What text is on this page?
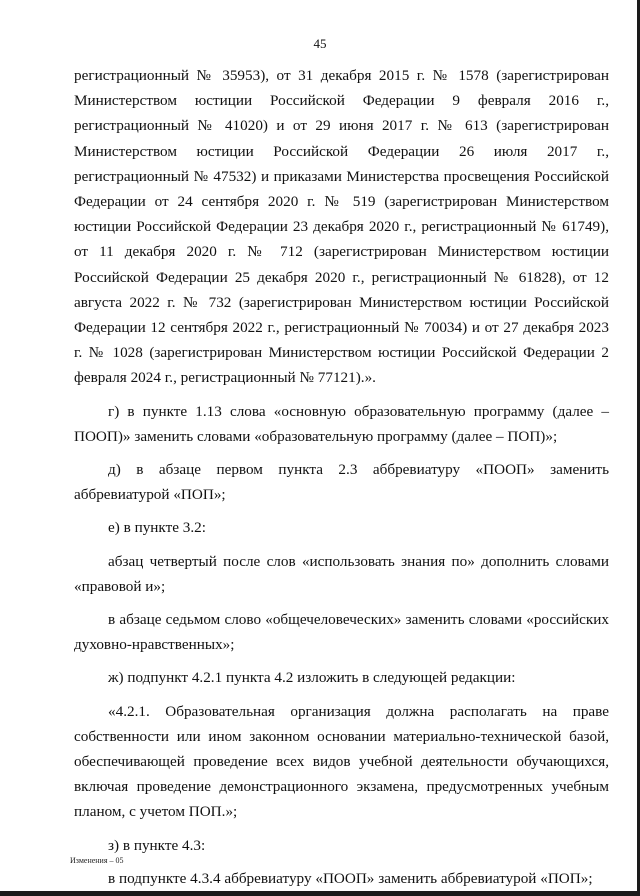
45

регистрационный № 35953), от 31 декабря 2015 г. № 1578 (зарегистрирован Министерством юстиции Российской Федерации 9 февраля 2016 г., регистрационный № 41020) и от 29 июня 2017 г. № 613 (зарегистрирован Министерством юстиции Российской Федерации 26 июля 2017 г., регистрационный № 47532) и приказами Министерства просвещения Российской Федерации от 24 сентября 2020 г. № 519 (зарегистрирован Министерством юстиции Российской Федерации 23 декабря 2020 г., регистрационный № 61749), от 11 декабря 2020 г. № 712 (зарегистрирован Министерством юстиции Российской Федерации 25 декабря 2020 г., регистрационный № 61828), от 12 августа 2022 г. № 732 (зарегистрирован Министерством юстиции Российской Федерации 12 сентября 2022 г., регистрационный № 70034) и от 27 декабря 2023 г. № 1028 (зарегистрирован Министерством юстиции Российской Федерации 2 февраля 2024 г., регистрационный № 77121).».

г) в пункте 1.13 слова «основную образовательную программу (далее – ПООП)» заменить словами «образовательную программу (далее – ПОП)»;

д) в абзаце первом пункта 2.3 аббревиатуру «ПООП» заменить аббревиатурой «ПОП»;

е) в пункте 3.2:

абзац четвертый после слов «использовать знания по» дополнить словами «правовой и»;

в абзаце седьмом слово «общечеловеческих» заменить словами «российских духовно-нравственных»;

ж) подпункт 4.2.1 пункта 4.2 изложить в следующей редакции:

«4.2.1. Образовательная организация должна располагать на праве собственности или ином законном основании материально-технической базой, обеспечивающей проведение всех видов учебной деятельности обучающихся, включая проведение демонстрационного экзамена, предусмотренных учебным планом, с учетом ПОП.»;

з) в пункте 4.3:

в подпункте 4.3.4 аббревиатуру «ПООП» заменить аббревиатурой «ПОП»;

Изменения – 05
